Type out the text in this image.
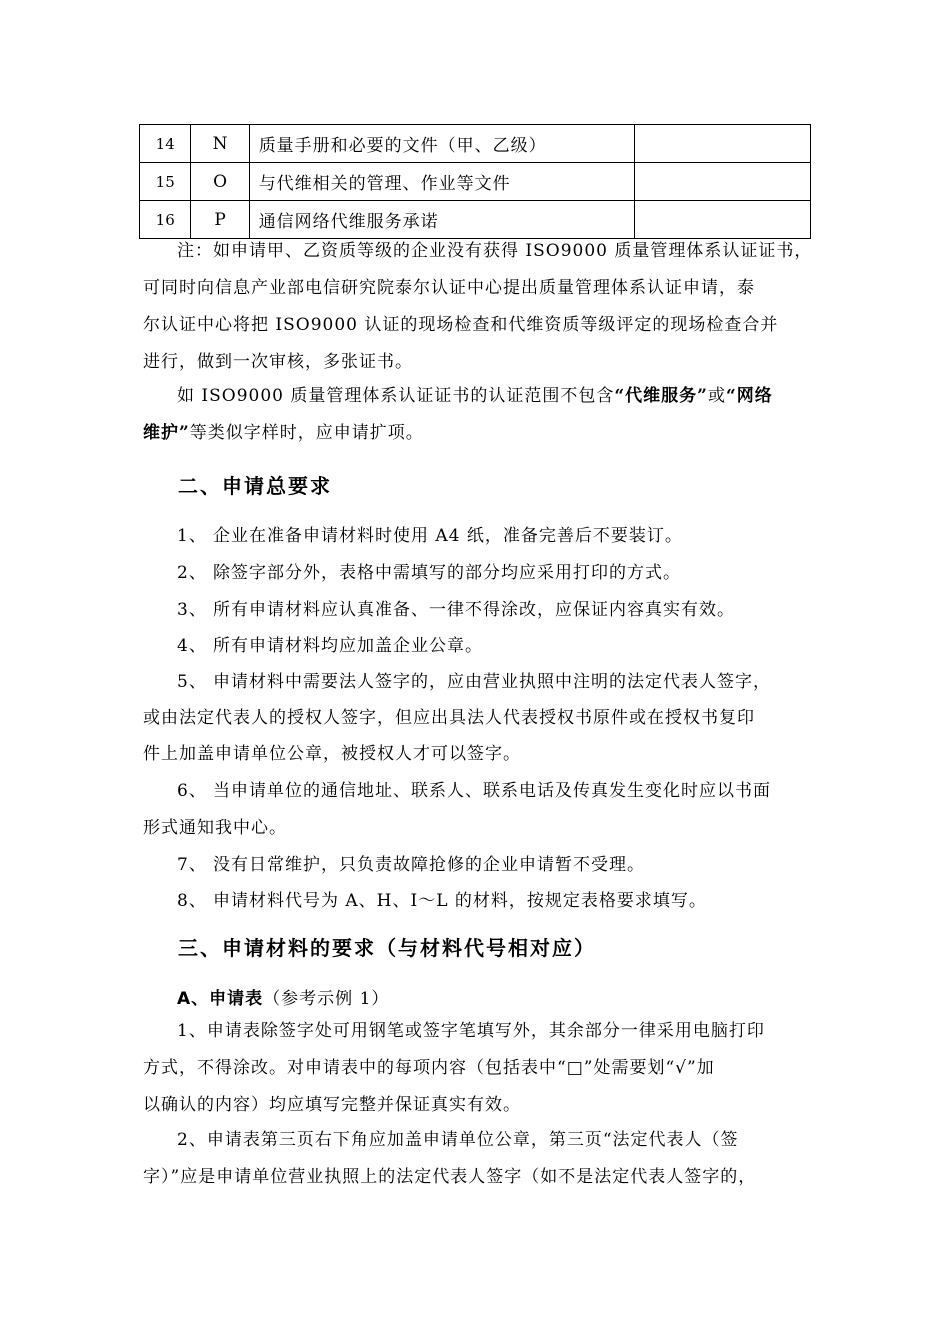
14	N	质量手册和必要的文件（甲、乙级）	
15	O	与代维相关的管理、作业等文件	
16	P	通信网络代维服务承诺	
注：如申请甲、乙资质等级的企业没有获得 ISO9000 质量管理体系认证证书，
可同时向信息产业部电信研究院泰尔认证中心提出质量管理体系认证申请，泰
尔认证中心将把 ISO9000 认证的现场检查和代维资质等级评定的现场检查合并
进行，做到一次审核，多张证书。
如 ISO9000 质量管理体系认证证书的认证范围不包含“代维服务”或“网络
维护”等类似字样时，应申请扩项。
二、申请总要求
1、 企业在准备申请材料时使用 A4 纸，准备完善后不要装订。
2、 除签字部分外，表格中需填写的部分均应采用打印的方式。
3、 所有申请材料应认真准备、一律不得涂改，应保证内容真实有效。
4、 所有申请材料均应加盖企业公章。
5、 申请材料中需要法人签字的，应由营业执照中注明的法定代表人签字，
或由法定代表人的授权人签字，但应出具法人代表授权书原件或在授权书复印
件上加盖申请单位公章，被授权人才可以签字。
6、 当申请单位的通信地址、联系人、联系电话及传真发生变化时应以书面
形式通知我中心。
7、 没有日常维护，只负责故障抢修的企业申请暂不受理。
8、 申请材料代号为 A、H、I～L 的材料，按规定表格要求填写。
三、申请材料的要求（与材料代号相对应）
A、申请表（参考示例 1）
1、申请表除签字处可用钢笔或签字笔填写外，其余部分一律采用电脑打印
方式，不得涂改。对申请表中的每项内容（包括表中“□”处需要划“√”加
以确认的内容）均应填写完整并保证真实有效。
2、申请表第三页右下角应加盖申请单位公章，第三页“法定代表人（签
字）”应是申请单位营业执照上的法定代表人签字（如不是法定代表人签字的，
